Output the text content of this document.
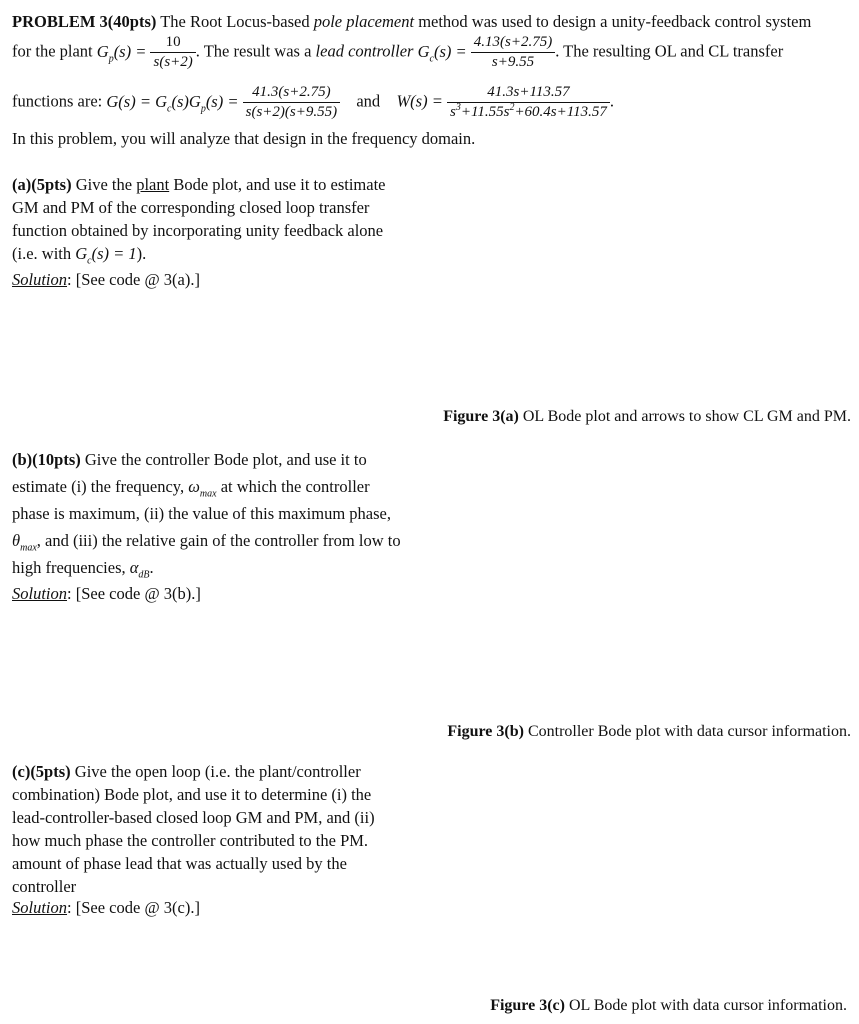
PROBLEM 3(40pts) The Root Locus-based pole placement method was used to design a unity-feedback control system
for the plant $G_p(s) = \frac{10}{s(s+2)}$ . The result was a lead controller $G_c(s) = \frac{4.13(s+2.75)}{s+9.55}$ . The resulting OL and CL transfer
functions are: $G(s) = G_c(s)G_p(s) = \frac{41.3(s+2.75)}{s(s+2)(s+9.55)}$ and $W(s) = \frac{41.3s+113.57}{s^3+11.55s^2+60.4s+113.57}$ .
In this problem, you will analyze that design in the frequency domain.
(a)(5pts) Give the plant Bode plot, and use it to estimate GM and PM of the corresponding closed loop transfer function obtained by incorporating unity feedback alone (i.e. with $G_c(s) = 1$).
Solution: [See code @ 3(a).]
Figure 3(a) OL Bode plot and arrows to show CL GM and PM.
(b)(10pts) Give the controller Bode plot, and use it to estimate (i) the frequency, $\omega_{max}$ at which the controller phase is maximum, (ii) the value of this maximum phase, $\theta_{max}$, and (iii) the relative gain of the controller from low to high frequencies, $\alpha_{dB}$.
Solution: [See code @ 3(b).]
Figure 3(b) Controller Bode plot with data cursor information.
(c)(5pts) Give the open loop (i.e. the plant/controller combination) Bode plot, and use it to determine (i) the lead-controller-based closed loop GM and PM, and (ii) how much phase the controller contributed to the PM.
amount of phase lead that was actually used by the controller
Solution: [See code @ 3(c).]
Figure 3(c) OL Bode plot with data cursor information.
